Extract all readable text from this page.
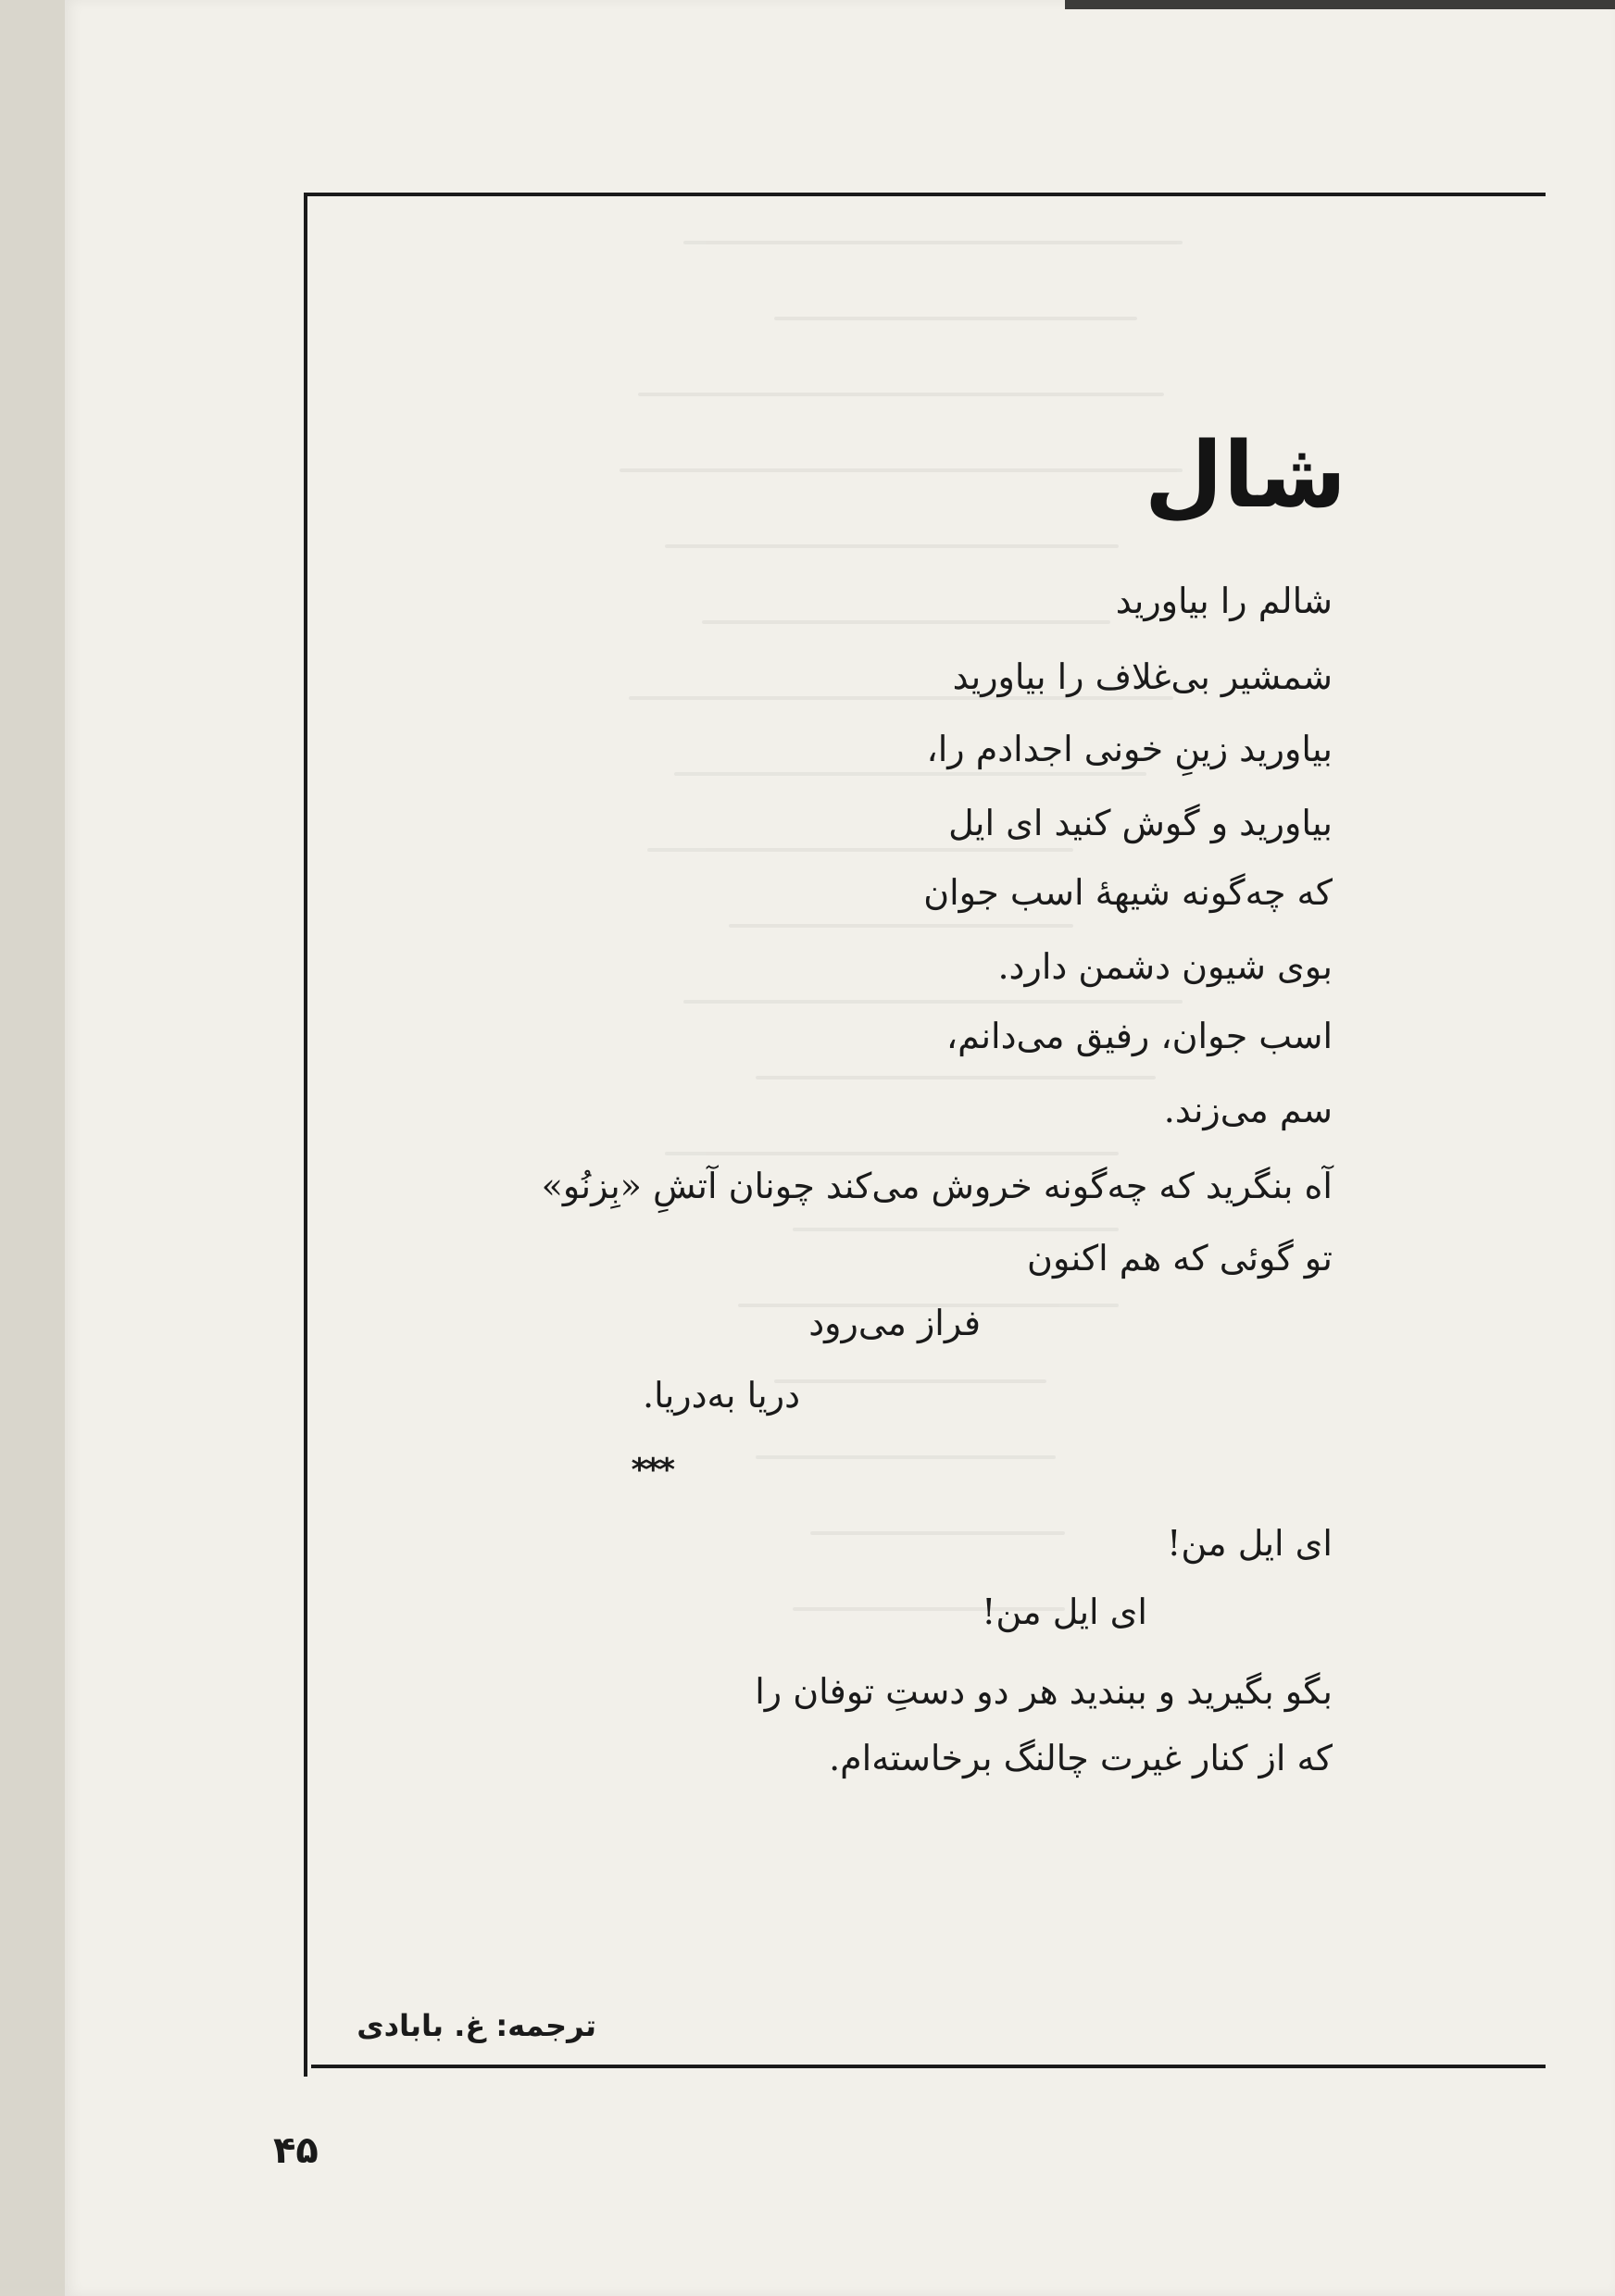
شال

شالم را بیاورید

شمشیر بی‌غلاف را بیاورید

بیاورید زینِ خونی اجدادم را،

بیاورید و گوش کنید ای ایل

که چه‌گونه شیههٔ اسب جوان

بوی شیون دشمن دارد.

اسب جوان، رفیق می‌دانم،

سم می‌زند.

آه بنگرید که چه‌گونه خروش می‌کند چونان آتشِ «بِزنُو»

تو گوئی که هم اکنون

فراز می‌رود

دریا به‌دریا.

***

ای ایل من!

ای ایل من!

بگو بگیرید و ببندید هر دو دستِ توفان را

که از کنار غیرت چالنگ برخاسته‌ام.

ترجمه: غ. بابادی

۴۵
